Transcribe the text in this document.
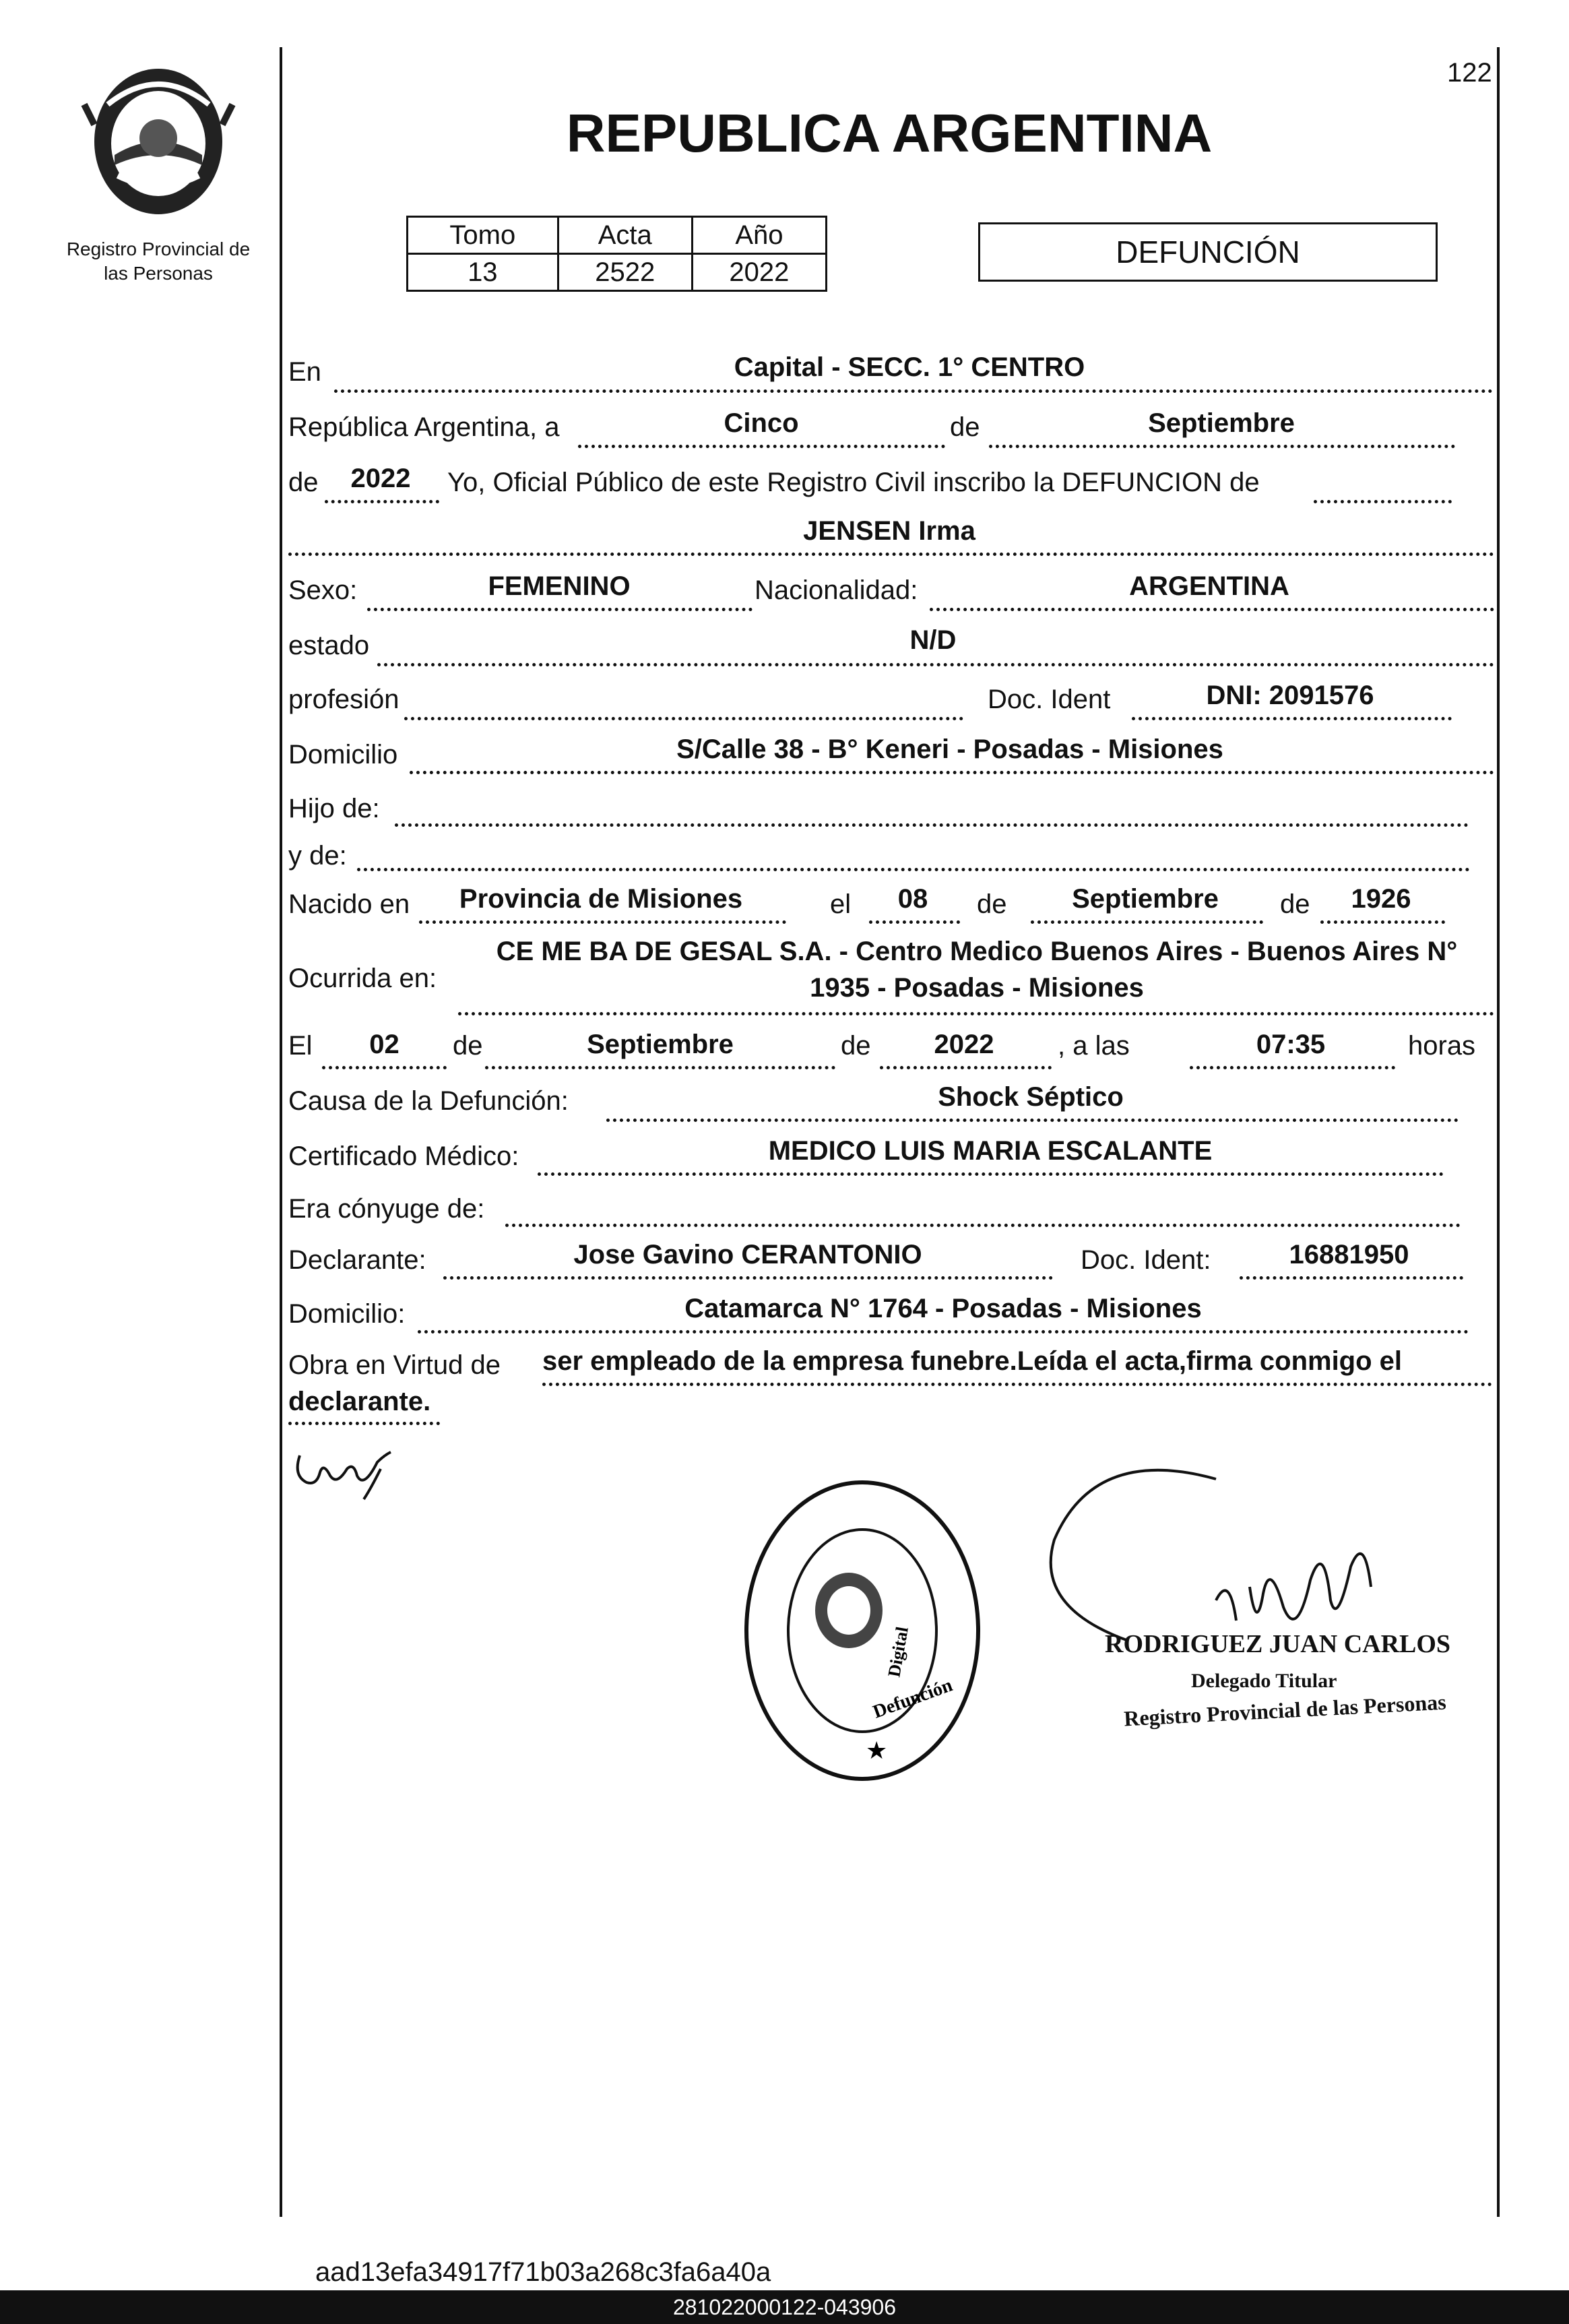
Registro Provincial de
las Personas
122
REPUBLICA ARGENTINA
Tomo	Acta	Año
13	2522	2022
DEFUNCIÓN
En	Capital - SECC. 1° CENTRO
República Argentina, a	Cinco	de	Septiembre
de	2022	Yo, Oficial Público de este Registro Civil inscribo la DEFUNCION de
JENSEN Irma
Sexo:	FEMENINO	Nacionalidad:	ARGENTINA
estado	N/D
profesión	Doc. Ident	DNI: 2091576
Domicilio	S/Calle 38 - B° Keneri - Posadas - Misiones
Hijo de:
y de:
Nacido en	Provincia de Misiones	el	08	de	Septiembre	de	1926
Ocurrida en:
CE ME BA DE GESAL S.A. - Centro Medico Buenos Aires - Buenos Aires N°
1935 - Posadas - Misiones
El	02	de	Septiembre	de	2022	, a las	07:35	horas
Causa de la Defunción:	Shock Séptico
Certificado Médico:	MEDICO LUIS MARIA ESCALANTE
Era cónyuge de:
Declarante:	Jose Gavino CERANTONIO	Doc. Ident:	16881950
Domicilio:	Catamarca N° 1764 - Posadas - Misiones
Obra en Virtud de ser empleado de la empresa funebre.Leída el acta,firma conmigo el
declarante.
Defunción
Digital
★
RODRIGUEZ JUAN CARLOS
Delegado Titular
Registro Provincial de las Personas
aad13efa34917f71b03a268c3fa6a40a
281022000122-043906
